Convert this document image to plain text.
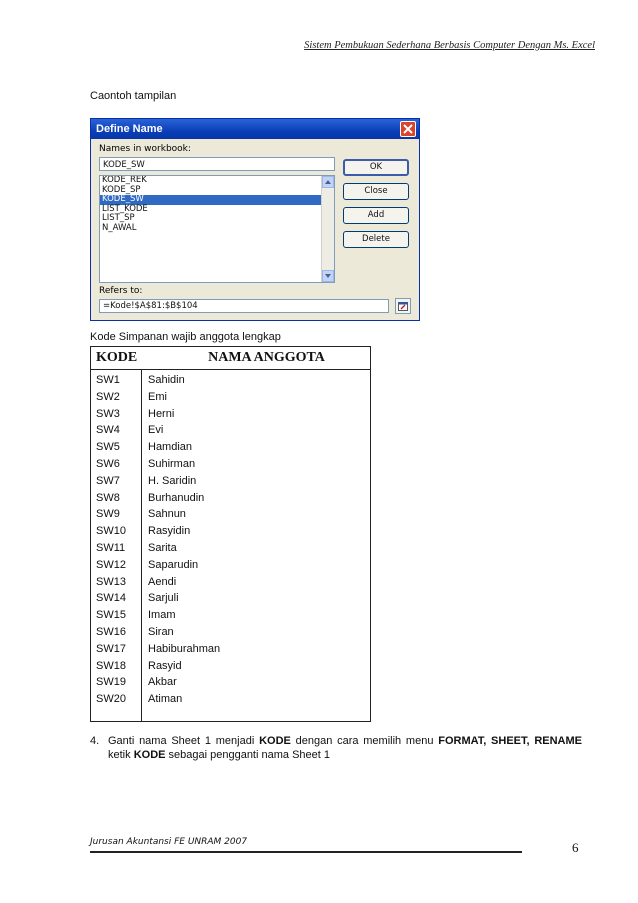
Sistem Pembukuan Sederhana Berbasis Computer Dengan Ms. Excel
Caontoh tampilan
Define Name
Names in workbook:
KODE_SW
KODE_REK
KODE_SP
KODE_SW
LIST_KODE
LIST_SP
N_AWAL
OK
Close
Add
Delete
Refers to:
=Kode!$A$81:$B$104
Kode Simpanan wajib anggota lengkap
KODE	NAMA ANGGOTA
SW1	Sahidin
SW2	Emi
SW3	Herni
SW4	Evi
SW5	Hamdian
SW6	Suhirman
SW7	H. Saridin
SW8	Burhanudin
SW9	Sahnun
SW10 Rasyidin
SW11 Sarita
SW12 Saparudin
SW13 Aendi
SW14 Sarjuli
SW15 Imam
SW16 Siran
SW17 Habiburahman
SW18 Rasyid
SW19 Akbar
SW20 Atiman
4. Ganti nama Sheet 1 menjadi KODE dengan cara memilih menu FORMAT, SHEET, RENAME ketik KODE sebagai pengganti nama Sheet 1
Jurusan Akuntansi FE UNRAM 2007	6
